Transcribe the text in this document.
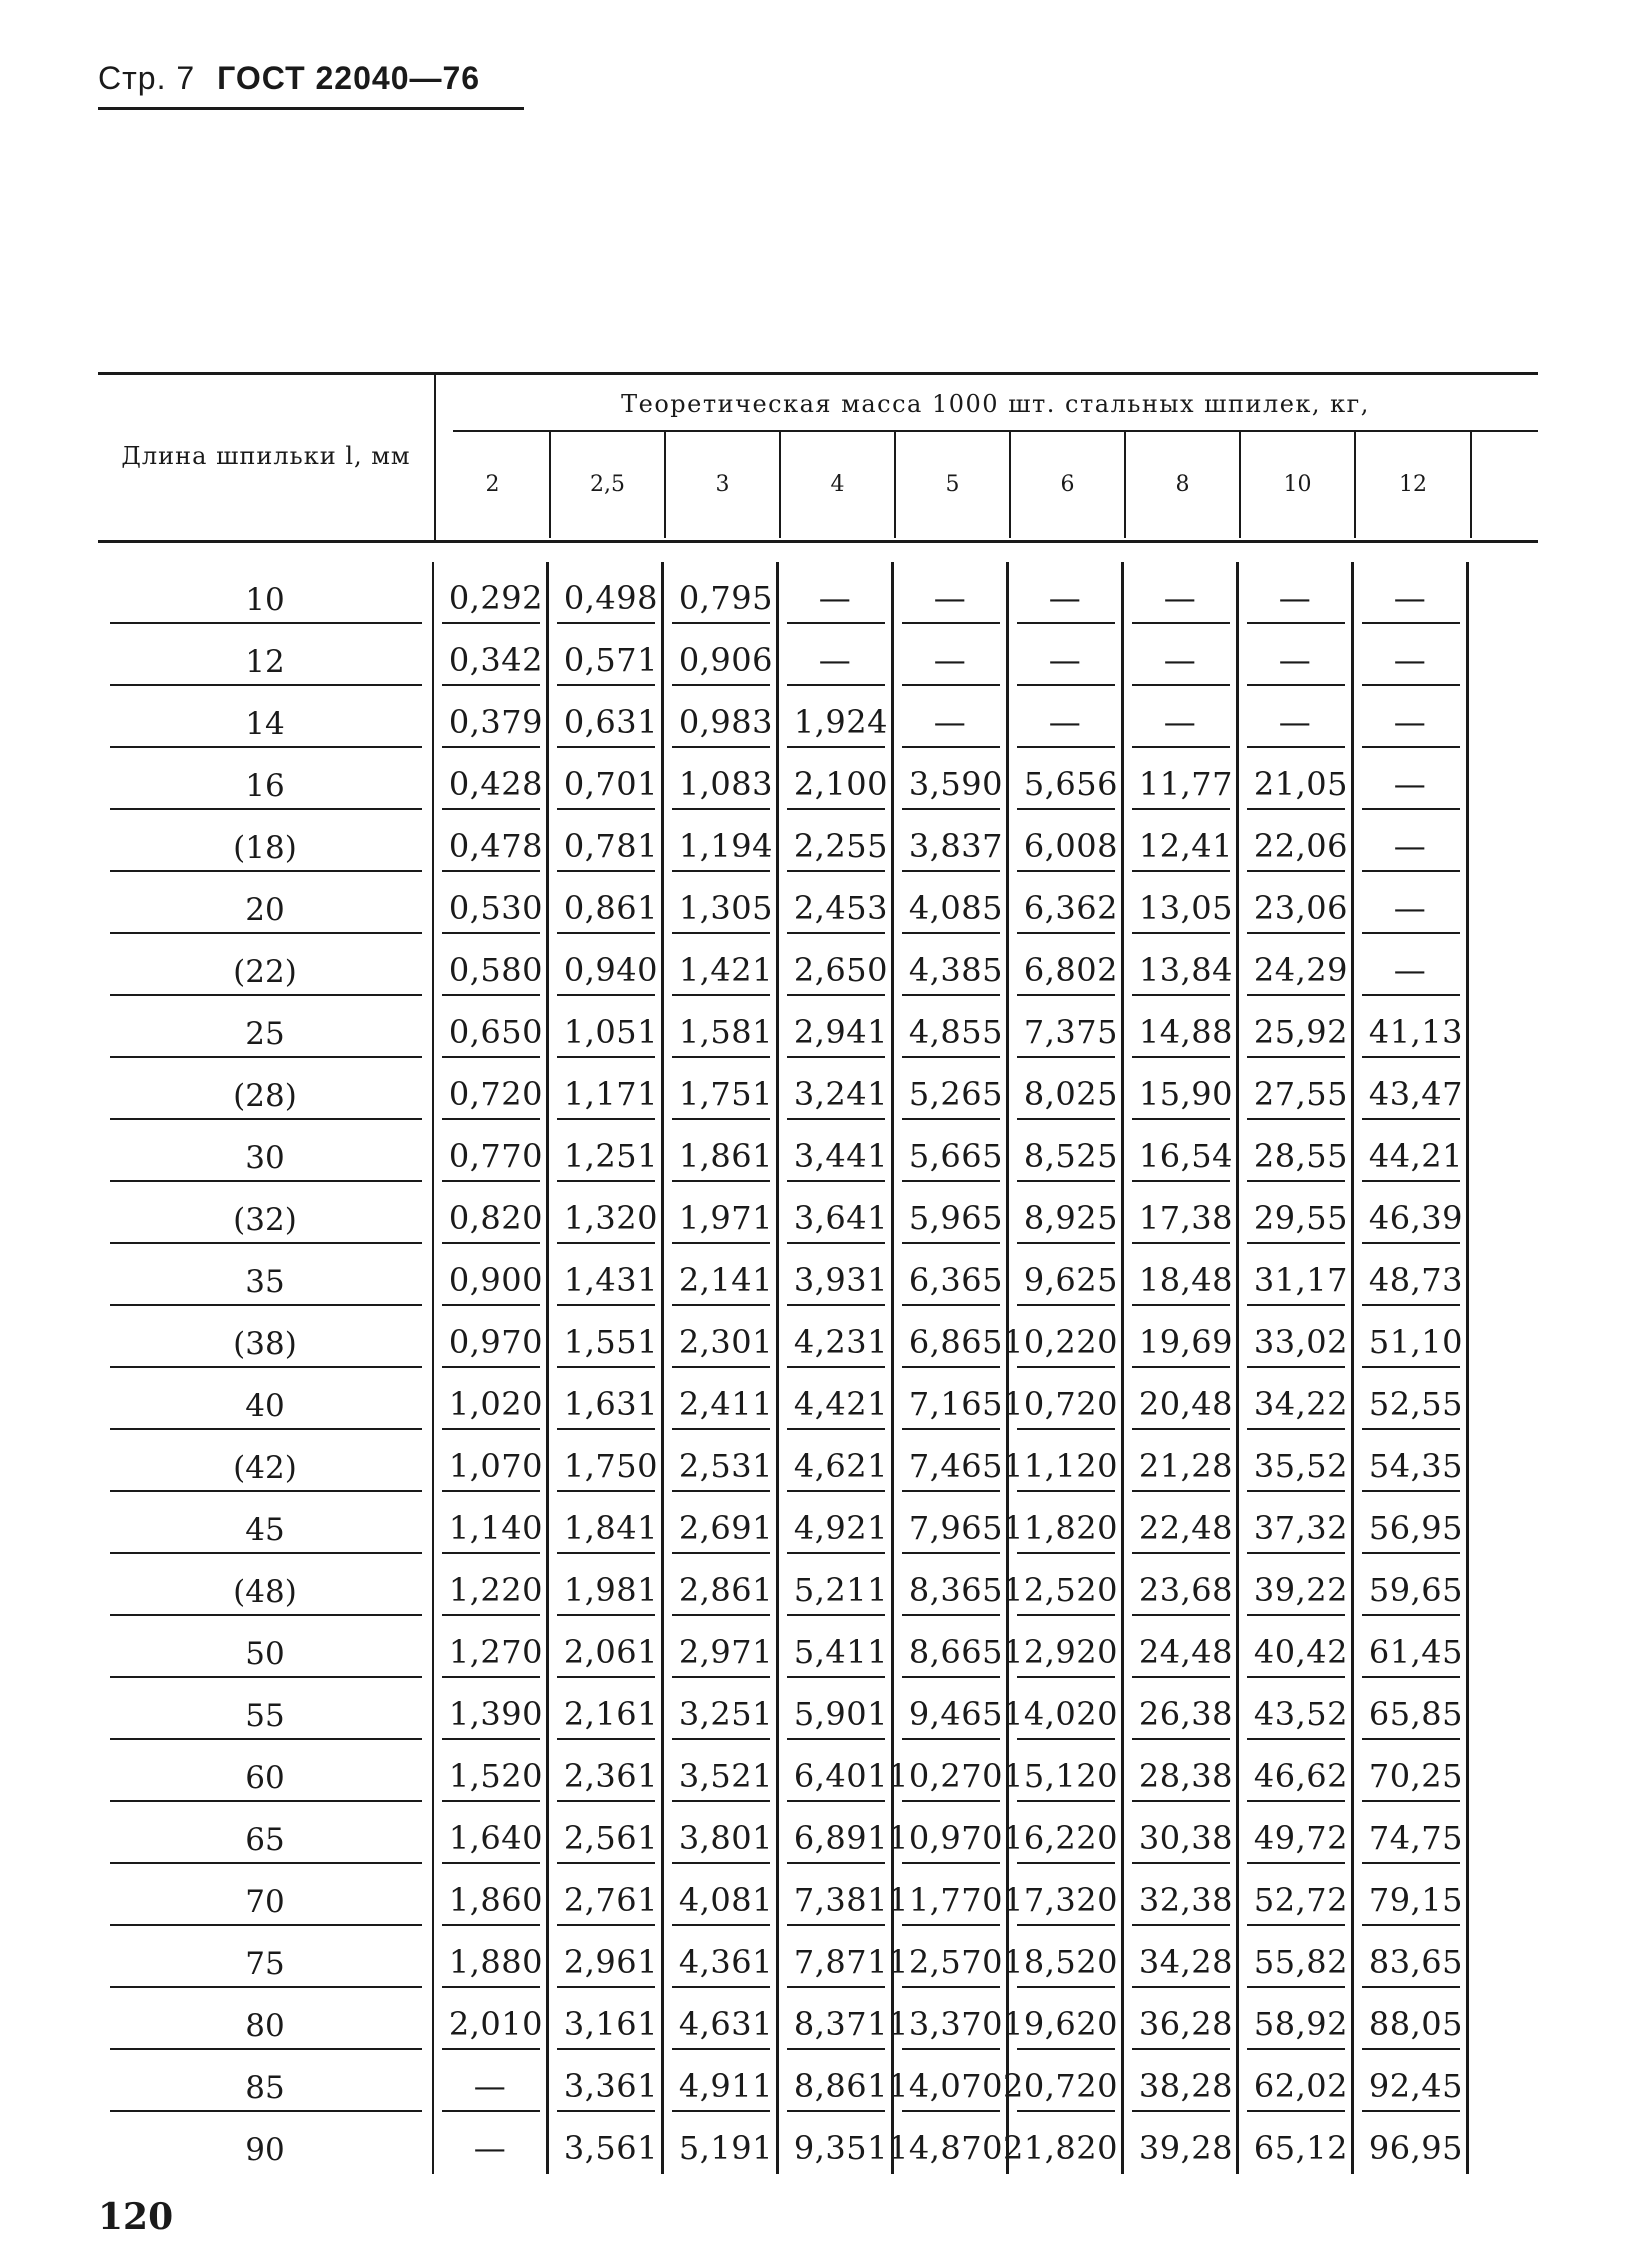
Стр. 7 ГОСТ 22040—76
Длина шпильки l, мм
Теоретическая масса 1000 шт. стальных шпилек, кг,
2	2,5	3	4	5	6	8	10	12
10	0,292 0,498 0,795	—	—	—	—	—	—
12	0,342 0,571 0,906	—	—	—	—	—	—
14	0,379 0,631 0,983 1,924	—	—	—	—	—
16	0,428 0,701 1,083 2,100 3,590 5,656 11,77 21,05	—
(18)	0,478 0,781 1,194 2,255 3,837 6,008 12,41 22,06	—
20	0,530 0,861 1,305 2,453 4,085 6,362 13,05 23,06	—
(22)	0,580 0,940 1,421 2,650 4,385 6,802 13,84 24,29	—
25	0,650 1,051 1,581 2,941 4,855 7,375 14,88 25,92 41,13
(28)	0,720 1,171 1,751 3,241 5,265 8,025 15,90 27,55 43,47
30	0,770 1,251 1,861 3,441 5,665 8,525 16,54 28,55 44,21
(32)	0,820 1,320 1,971 3,641 5,965 8,925 17,38 29,55 46,39
35	0,900 1,431 2,141 3,931 6,365 9,625 18,48 31,17 48,73
(38)	0,970 1,551 2,301 4,231 6,865 10,220 19,69 33,02 51,10
40	1,020 1,631 2,411 4,421 7,165 10,720 20,48 34,22 52,55
(42)	1,070 1,750 2,531 4,621 7,465 11,120 21,28 35,52 54,35
45	1,140 1,841 2,691 4,921 7,965 11,820 22,48 37,32 56,95
(48)	1,220 1,981 2,861 5,211 8,365 12,520 23,68 39,22 59,65
50	1,270 2,061 2,971 5,411 8,665 12,920 24,48 40,42 61,45
55	1,390 2,161 3,251 5,901 9,465 14,020 26,38 43,52 65,85
60	1,520 2,361 3,521 6,401 10,270 15,120 28,38 46,62 70,25
65	1,640 2,561 3,801 6,891 10,970 16,220 30,38 49,72 74,75
70	1,860 2,761 4,081 7,381 11,770 17,320 32,38 52,72 79,15
75	1,880 2,961 4,361 7,871 12,570 18,520 34,28 55,82 83,65
80	2,010 3,161 4,631 8,371 13,370 19,620 36,28 58,92 88,05
85	—	3,361 4,911 8,861 14,070 20,720 38,28 62,02 92,45
90	—	3,561 5,191 9,351 14,870 21,820 39,28 65,12 96,95
120
